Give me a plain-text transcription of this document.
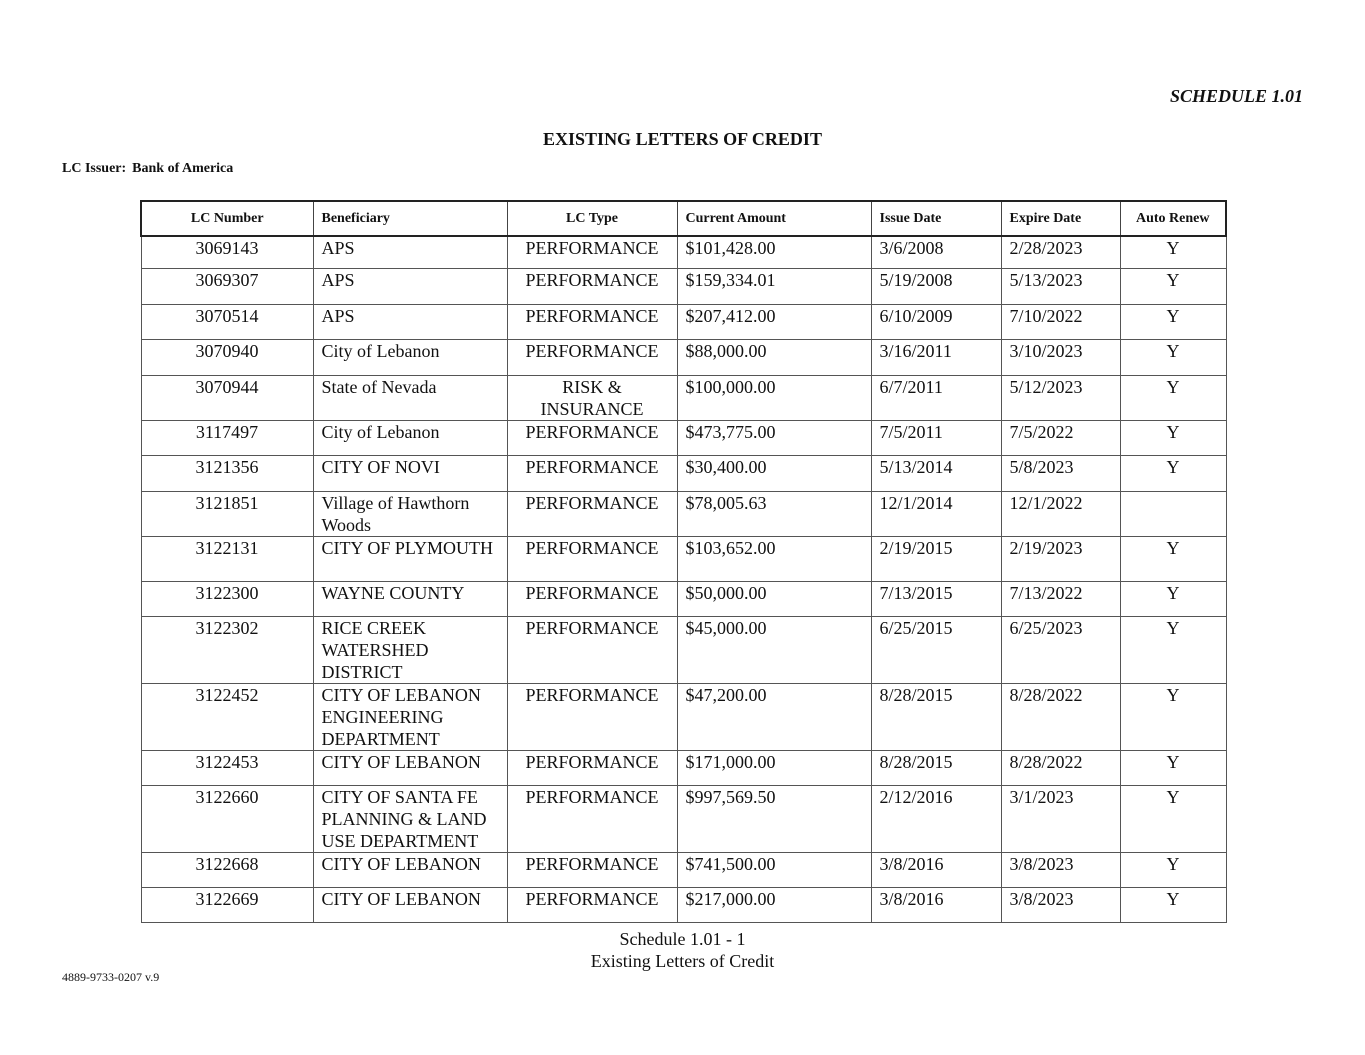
SCHEDULE 1.01
EXISTING LETTERS OF CREDIT
LC Issuer: Bank of America
LC Number	Beneficiary	LC Type	Current Amount	Issue Date	Expire Date	Auto Renew
3069143	APS	PERFORMANCE	$101,428.00	3/6/2008	2/28/2023	Y
3069307	APS	PERFORMANCE	$159,334.01	5/19/2008	5/13/2023	Y
3070514	APS	PERFORMANCE	$207,412.00	6/10/2009	7/10/2022	Y
3070940	City of Lebanon	PERFORMANCE	$88,000.00	3/16/2011	3/10/2023	Y
3070944	State of Nevada	RISK & INSURANCE	$100,000.00	6/7/2011	5/12/2023	Y
3117497	City of Lebanon	PERFORMANCE	$473,775.00	7/5/2011	7/5/2022	Y
3121356	CITY OF NOVI	PERFORMANCE	$30,400.00	5/13/2014	5/8/2023	Y
3121851	Village of Hawthorn Woods	PERFORMANCE	$78,005.63	12/1/2014	12/1/2022	
3122131	CITY OF PLYMOUTH	PERFORMANCE	$103,652.00	2/19/2015	2/19/2023	Y
3122300	WAYNE COUNTY	PERFORMANCE	$50,000.00	7/13/2015	7/13/2022	Y
3122302	RICE CREEK WATERSHED DISTRICT	PERFORMANCE	$45,000.00	6/25/2015	6/25/2023	Y
3122452	CITY OF LEBANON ENGINEERING DEPARTMENT	PERFORMANCE	$47,200.00	8/28/2015	8/28/2022	Y
3122453	CITY OF LEBANON	PERFORMANCE	$171,000.00	8/28/2015	8/28/2022	Y
3122660	CITY OF SANTA FE PLANNING & LAND USE DEPARTMENT	PERFORMANCE	$997,569.50	2/12/2016	3/1/2023	Y
3122668	CITY OF LEBANON	PERFORMANCE	$741,500.00	3/8/2016	3/8/2023	Y
3122669	CITY OF LEBANON	PERFORMANCE	$217,000.00	3/8/2016	3/8/2023	Y
Schedule 1.01 - 1
Existing Letters of Credit
4889-9733-0207 v.9
